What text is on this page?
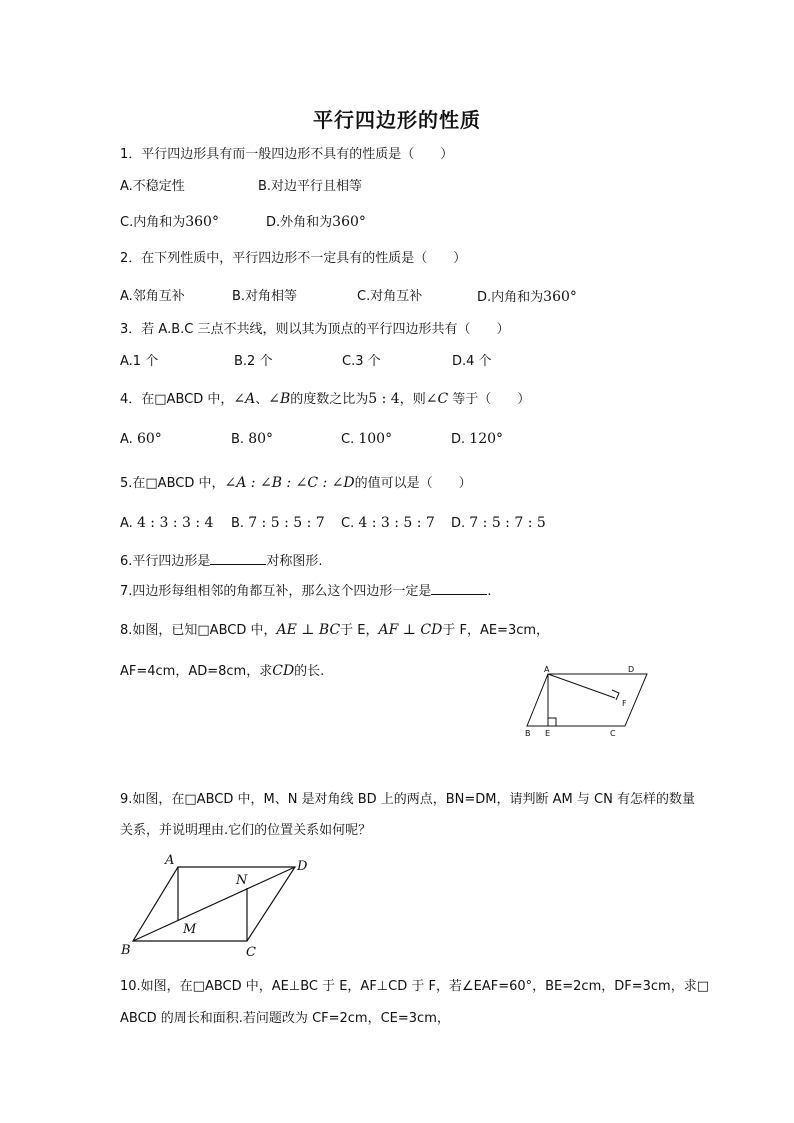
平行四边形的性质
1．平行四边形具有而一般四边形不具有的性质是（　　）
A.不稳定性	B.对边平行且相等
C.内角和为360°	D.外角和为360°
2．在下列性质中，平行四边形不一定具有的性质是（　　）
A.邻角互补	B.对角相等	C.对角互补	D.内角和为360°
3．若 A.B.C 三点不共线，则以其为顶点的平行四边形共有（　　）
A.1 个	B.2 个	C.3 个	D.4 个
4．在□ABCD 中，∠A、∠B的度数之比为5 : 4，则∠C 等于（　　）
A. 60°	B. 80°	C. 100°	D. 120°
5.在□ABCD 中，∠A : ∠B : ∠C : ∠D的值可以是（　　）
A. 4 : 3 : 3 : 4 B. 7 : 5 : 5 : 7 C. 4 : 3 : 5 : 7 D. 7 : 5 : 7 : 5
6.平行四边形是	对称图形.
7.四边形每组相邻的角都互补，那么这个四边形一定是	.
8.如图，已知□ABCD 中，AE ⊥ BC于 E，AF ⊥ CD于 F，AE=3cm，
AF=4cm，AD=8cm，求CD的长.	A	D
F
B E	C
9.如图，在□ABCD 中，M、N 是对角线 BD 上的两点，BN=DM，请判断 AM 与 CN 有怎样的数量
关系，并说明理由.它们的位置关系如何呢？
A	D
N
M
B	C
10.如图，在□ABCD 中，AE⊥BC 于 E，AF⊥CD 于 F，若∠EAF=60°，BE=2cm，DF=3cm，求□
ABCD 的周长和面积.若问题改为 CF=2cm，CE=3cm，
